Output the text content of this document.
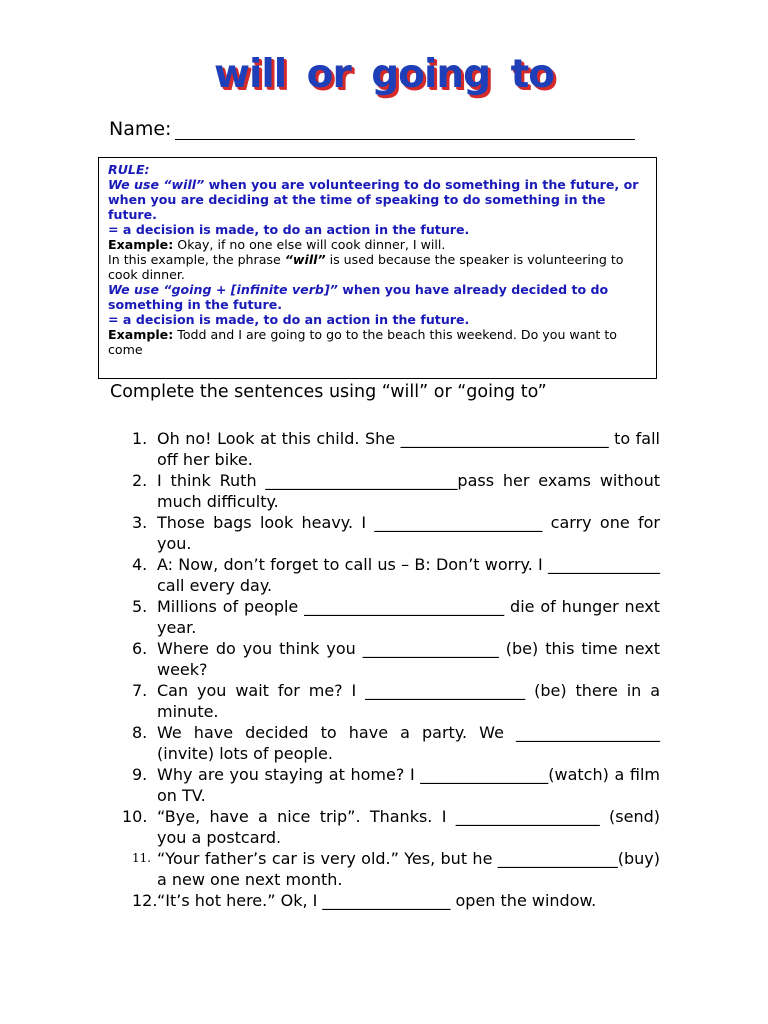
will or going to
Name:
RULE:
We use “will” when you are volunteering to do something in the future, or when you are deciding at the time of speaking to do something in the future.
= a decision is made, to do an action in the future.
Example: Okay, if no one else will cook dinner, I will.
In this example, the phrase “will” is used because the speaker is volunteering to cook dinner.
We use “going + [infinite verb]” when you have already decided to do something in the future.
= a decision is made, to do an action in the future.
Example: Todd and I are going to go to the beach this weekend. Do you want to come
Complete the sentences using “will” or “going to”
1. Oh no! Look at this child. She __________________________ to fall off her bike.
2. I think Ruth ________________________pass her exams without much difficulty.
3. Those bags look heavy. I _____________________ carry one for you.
4. A: Now, don’t forget to call us – B: Don’t worry. I ______________ call every day.
5. Millions of people _________________________ die of hunger next year.
6. Where do you think you _________________ (be) this time next week?
7. Can you wait for me? I ____________________ (be) there in a minute.
8. We have decided to have a party. We __________________ (invite) lots of people.
9. Why are you staying at home? I ________________(watch) a film on TV.
10. “Bye, have a nice trip”. Thanks. I __________________ (send) you a postcard.
11. “Your father’s car is very old.” Yes, but he _______________(buy) a new one next month.
12. “It’s hot here.” Ok, I ________________ open the window.
